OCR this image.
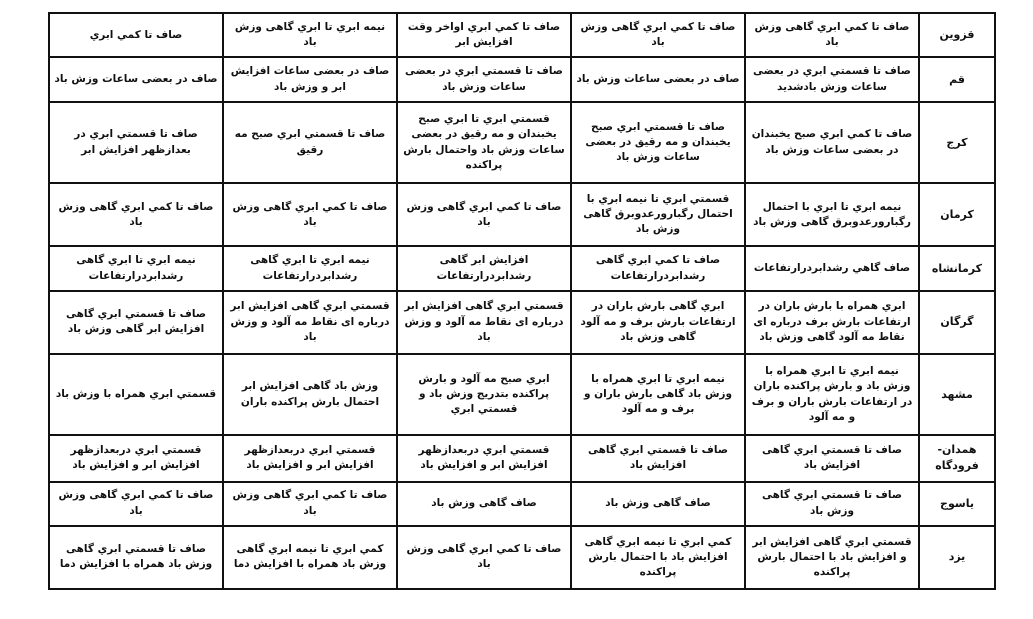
قزوين	صاف تا كمي ابري گاهی وزش باد	صاف تا كمي ابري گاهی وزش باد	صاف تا كمي ابري اواخر وقت افزايش ابر	نيمه ابري تا ابري گاهی وزش باد	صاف تا كمي ابري
قم	صاف تا قسمتي ابري در بعضی ساعات وزش بادشديد	صاف در بعضی ساعات وزش باد	صاف تا قسمتي ابري در بعضی ساعات وزش باد	صاف در بعضی ساعات افزايش ابر و وزش باد	صاف در بعضی ساعات وزش باد
كرج	صاف تا كمي ابري صبح يخبندان در بعضی ساعات وزش باد	صاف تا قسمتي ابري صبح يخبندان و مه رقيق در بعضی ساعات وزش باد	قسمتي ابري تا ابري صبح يخبندان و مه رقيق در بعضی ساعات وزش باد واحتمال بارش پراكنده	صاف تا قسمتي ابري صبح مه رقيق	صاف تا قسمتي ابري در بعدازظهر افزايش ابر
كرمان	نيمه ابري تا ابري با احتمال رگبارورعدوبرق گاهی وزش باد	قسمتي ابري تا نيمه ابري با احتمال رگبارورعدوبرق گاهی وزش باد	صاف تا كمي ابري گاهی وزش باد	صاف تا كمي ابري گاهی وزش باد	صاف تا كمي ابري گاهی وزش باد
كرمانشاه	صاف گاهي رشدابردرارتفاعات	صاف تا كمي ابري گاهی رشدابردرارتفاعات	افزايش ابر گاهی رشدابردرارتفاعات	نيمه ابري تا ابري گاهی رشدابردرارتفاعات	نيمه ابري تا ابري گاهی رشدابردرارتفاعات
گرگان	ابري همراه با بارش باران در ارتفاعات بارش برف درباره ای نقاط مه آلود گاهی وزش باد	ابري گاهی بارش باران در ارتفاعات بارش برف و مه آلود گاهی وزش باد	قسمتي ابري گاهی افزايش ابر درباره ای نقاط مه آلود و وزش باد	قسمتي ابري گاهی افزايش ابر درباره ای نقاط مه آلود و وزش باد	صاف تا قسمتي ابري گاهی افزايش ابر گاهی وزش باد
مشهد	نيمه ابري تا ابري همراه با وزش باد و بارش پراكنده باران در ارتفاعات بارش باران و برف و مه آلود	نيمه ابري تا ابري همراه با وزش باد گاهی بارش باران و برف و مه آلود	ابري صبح مه آلود و بارش پراكنده بتدريج وزش باد و قسمتي ابري	وزش باد گاهی افزايش ابر احتمال بارش پراكنده باران	قسمتي ابري همراه با وزش باد
همدان- فرودگاه	صاف تا قسمتي ابري گاهی افزايش باد	صاف تا قسمتي ابري گاهی افزايش باد	قسمتي ابري دربعدازظهر افزايش ابر و افزايش باد	قسمتي ابري دربعدازظهر افزايش ابر و افزايش باد	قسمتي ابري دربعدازظهر افزايش ابر و افزايش باد
ياسوج	صاف تا قسمتي ابري گاهی وزش باد	صاف گاهی وزش باد	صاف گاهی وزش باد	صاف تا كمي ابري گاهی وزش باد	صاف تا كمي ابري گاهی وزش باد
يزد	قسمتي ابري گاهی افزايش ابر و افزايش باد با احتمال بارش پراكنده	كمي ابري تا نيمه ابري گاهی افزايش باد با احتمال بارش پراكنده	صاف تا كمي ابري گاهی وزش باد	كمي ابري تا نيمه ابري گاهی وزش باد همراه با افزايش دما	صاف تا قسمتي ابري گاهی وزش باد همراه با افزايش دما
